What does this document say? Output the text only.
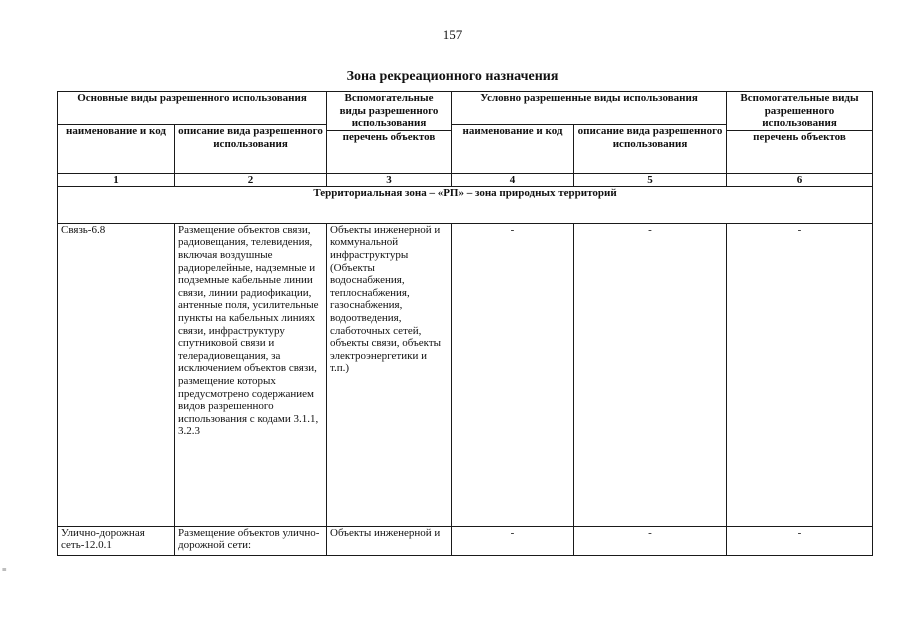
157
Зона рекреационного назначения
Основные виды разрешенного использования		Вспомогательные виды разрешенного использования	Условно разрешенные виды использования		Вспомогательные виды разрешенного использования
наименование и код	описание вида разрешенного использования		наименование и код	описание вида разрешенного использования	
		перечень объектов			перечень объектов
1	2	3	4	5	6
Территориальная зона – «РП» – зона природных территорий					
Связь-6.8	Размещение объектов связи, радиовещания, телевидения, включая воздушные радиорелейные, надземные и подземные кабельные линии связи, линии радиофикации, антенные поля, усилительные пункты на кабельных линиях связи, инфраструктуру спутниковой связи и телерадиовещания, за исключением объектов связи, размещение которых предусмотрено содержанием видов разрешенного использования с кодами 3.1.1, 3.2.3	Объекты инженерной и коммунальной инфраструктуры (Объекты водоснабжения, теплоснабжения, газоснабжения, водоотведения, слаботочных сетей, объекты связи, объекты электроэнергетики и т.п.)	-	-	-
Улично-дорожная сеть-12.0.1	Размещение объектов улично-дорожной сети:	Объекты инженерной и	-	-	-
≡
